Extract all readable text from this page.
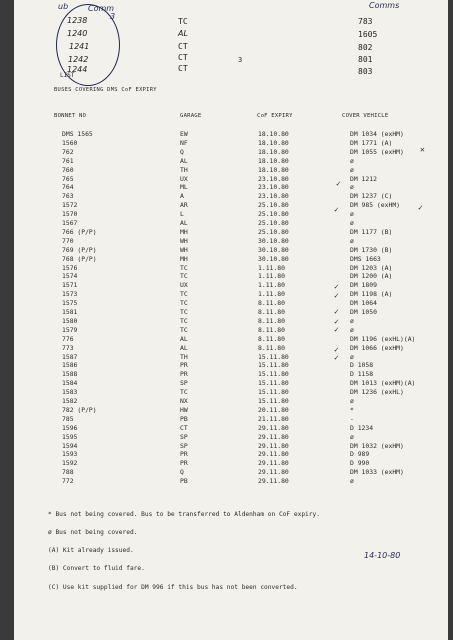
ub Comm
3
Comms
1238
1240
1241
1242
1244
TC
AL
CT
CT
CT
783
1605
802
801
803
3
LIST
BUSES COVERING DMS CoF EXPIRY
BONNET NO	GARAGE	CoF EXPIRY	COVER VEHICLE
DMS 1565	EW	18.10.80	DM 1034 (exHM)
1560	NF	18.10.80	DM 1771 (A)
762	Q	18.10.80	DM 1055 (exHM)
761	AL	18.10.80	ø
760	TH	18.10.80	ø
765	UX	23.10.80	DM 1212
764	ML	23.10.80	ø
763	A	23.10.80	DM 1237 (C)
1572	AR	25.10.80	DM 985 (exHM)
1570	L	25.10.80	ø
1567	AL	25.10.80	ø
766 (P/P)	MH	25.10.80	DM 1177 (B)
770	WH	30.10.80	ø
769 (P/P)	WH	30.10.80	DM 1730 (B)
768 (P/P)	MH	30.10.80	DMS 1663
1576	TC	1.11.80	DM 1203 (A)
1574	TC	1.11.80	DM 1200 (A)
1571	UX	1.11.80	DM 1809
1573	TC	1.11.80	DM 1198 (A)
1575	TC	8.11.80	DM 1064
1581	TC	8.11.80	DM 1050
1580	TC	8.11.80	ø
1579	TC	8.11.80	ø
776	AL	8.11.80	DM 1196 (exHL)(A)
773	AL	8.11.80	DM 1066 (exHM)
1587	TH	15.11.80	ø
1586	PR	15.11.80	D 1058
1588	PR	15.11.80	D 1158
1584	SP	15.11.80	DM 1013 (exHM)(A)
1583	TC	15.11.80	DM 1236 (exHL)
1582	NX	15.11.80	ø
782 (P/P)	HW	20.11.80	*
785	PB	21.11.80	-
1596	CT	29.11.80	D 1234
1595	SP	29.11.80	ø
1594	SP	29.11.80	DM 1032 (exHM)
1593	PR	29.11.80	D 989
1592	PR	29.11.80	D 990
788	Q	29.11.80	DM 1033 (exHM)
772	PB	29.11.80	ø
✕
✓
✓	✓
✓
✓
✓
✓
✓
✓
✓
* Bus not being covered. Bus to be transferred to Aldenham on CoF expiry.
ø Bus not being covered.
(A) Kit already issued.
(B) Convert to fluid fare.
(C) Use kit supplied for DM 996 if this bus has not been converted.
14-10-80
